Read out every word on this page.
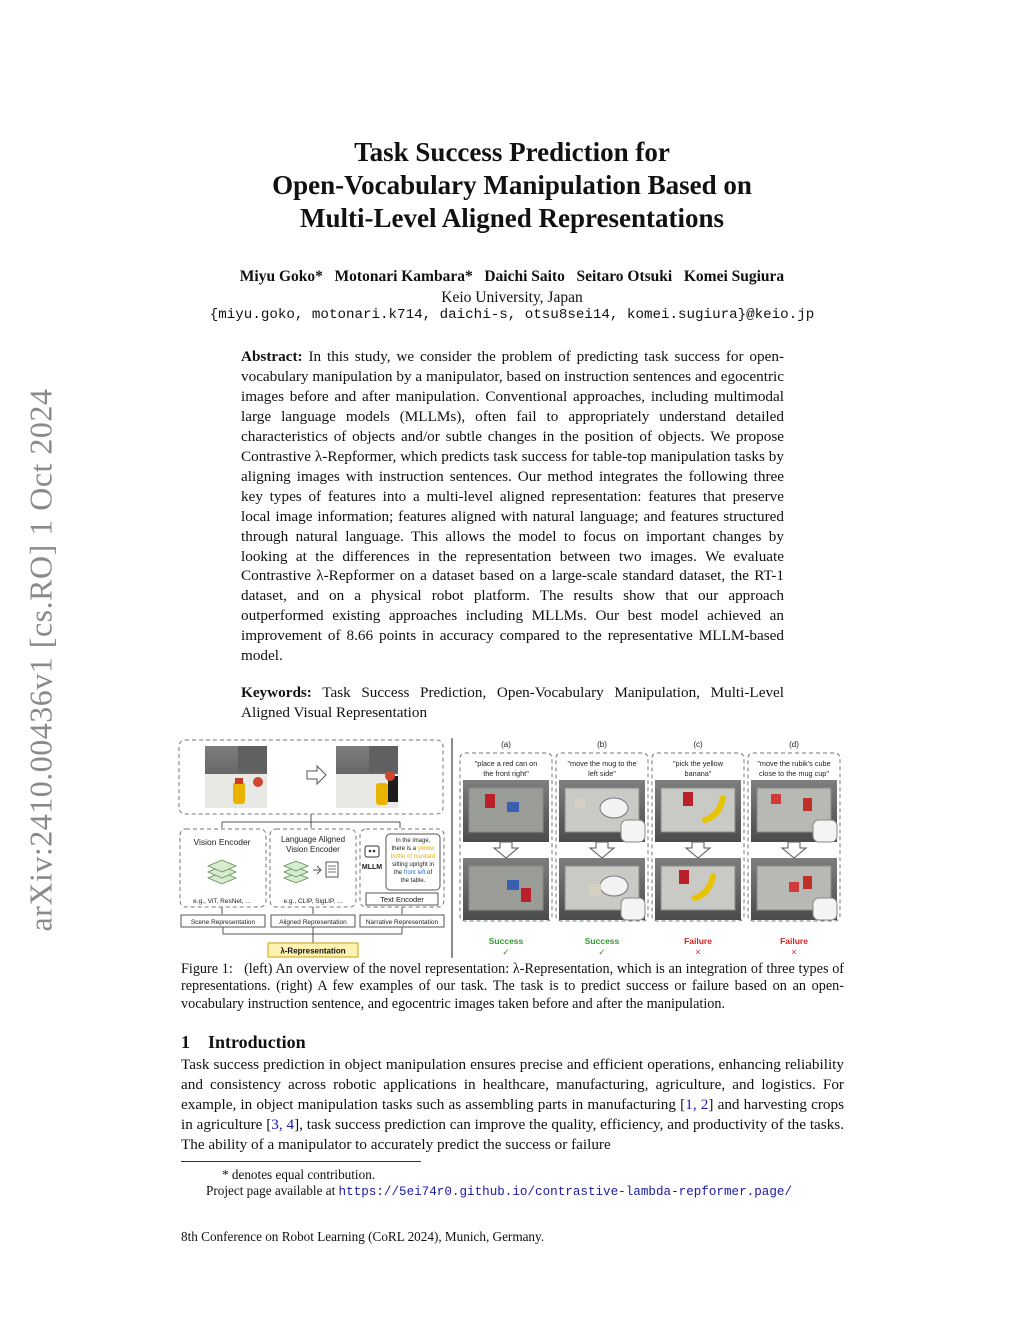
arXiv:2410.00436v1 [cs.RO] 1 Oct 2024
Task Success Prediction for
Open-Vocabulary Manipulation Based on
Multi-Level Aligned Representations
Miyu Goko*   Motonari Kambara*   Daichi Saito   Seitaro Otsuki   Komei Sugiura
Keio University, Japan
{miyu.goko, motonari.k714, daichi-s, otsu8sei14, komei.sugiura}@keio.jp
Abstract: In this study, we consider the problem of predicting task success for open-vocabulary manipulation by a manipulator, based on instruction sentences and egocentric images before and after manipulation. Conventional approaches, including multimodal large language models (MLLMs), often fail to appropriately understand detailed characteristics of objects and/or subtle changes in the position of objects. We propose Contrastive λ-Repformer, which predicts task success for table-top manipulation tasks by aligning images with instruction sentences. Our method integrates the following three key types of features into a multi-level aligned representation: features that preserve local image information; features aligned with natural language; and features structured through natural language. This allows the model to focus on important changes by looking at the differences in the representation between two images. We evaluate Contrastive λ-Repformer on a dataset based on a large-scale standard dataset, the RT-1 dataset, and on a physical robot platform. The results show that our approach outperformed existing approaches including MLLMs. Our best model achieved an improvement of 8.66 points in accuracy compared to the representative MLLM-based model.
Keywords: Task Success Prediction, Open-Vocabulary Manipulation, Multi-Level Aligned Visual Representation
Vision Encoder
e.g., ViT, ResNet, ...
Language Aligned
Vision Encoder
e.g., CLIP, SigLIP, ...
MLLM
In the image,
there is a yellow
bottle of mustard
sitting upright in
the front left of
the table.
Text Encoder
Scene Representation	Aligned Representation	Narrative Representation
λ-Representation
(a)
"place a red can on
the front right"
Success
✓
(b)
"move the mug to the
left side"
Success
✓
(c)
"pick the yellow
banana"
Failure
×
(d)
"move the rubik's cube
close to the mug cup"
Failure
×
Figure 1: (left) An overview of the novel representation: λ-Representation, which is an integration of three types of representations. (right) A few examples of our task. The task is to predict success or failure based on an open-vocabulary instruction sentence, and egocentric images taken before and after the manipulation.
1 Introduction
Task success prediction in object manipulation ensures precise and efficient operations, enhancing reliability and consistency across robotic applications in healthcare, manufacturing, agriculture, and logistics. For example, in object manipulation tasks such as assembling parts in manufacturing [1, 2] and harvesting crops in agriculture [3, 4], task success prediction can improve the quality, efficiency, and productivity of the tasks. The ability of a manipulator to accurately predict the success or failure
* denotes equal contribution.
Project page available at https://5ei74r0.github.io/contrastive-lambda-repformer.page/
8th Conference on Robot Learning (CoRL 2024), Munich, Germany.
